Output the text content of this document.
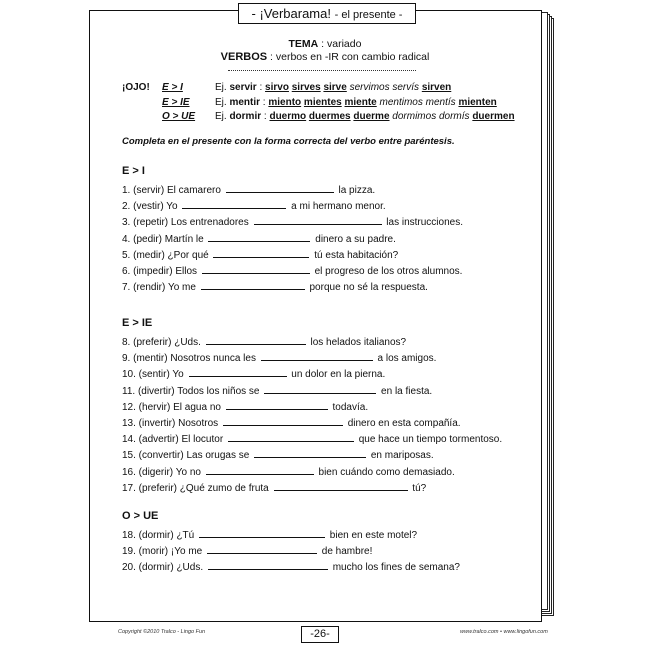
- ¡Verbarama! - el presente -
TEMA : variado
VERBOS : verbos en -IR con cambio radical
¡OJO! E > I	Ej. servir : sirvo sirves sirve servimos servís sirven
E > IE	Ej. mentir : miento mientes miente mentimos mentís mienten
O > UE Ej. dormir : duermo duermes duerme dormimos dormís duermen
Completa en el presente con la forma correcta del verbo entre paréntesis.
E > I
1. (servir) El camarero	la pizza.
2. (vestir) Yo	a mi hermano menor.
3. (repetir) Los entrenadores	las instrucciones.
4. (pedir) Martín le	dinero a su padre.
5. (medir) ¿Por qué	tú esta habitación?
6. (impedir) Ellos	el progreso de los otros alumnos.
7. (rendir) Yo me	porque no sé la respuesta.
E > IE
8. (preferir) ¿Uds.	los helados italianos?
9. (mentir) Nosotros nunca les	a los amigos.
10. (sentir) Yo	un dolor en la pierna.
11. (divertir) Todos los niños se	en la fiesta.
12. (hervir) El agua no	todavía.
13. (invertir) Nosotros	dinero en esta compañía.
14. (advertir) El locutor	que hace un tiempo tormentoso.
15. (convertir) Las orugas se	en mariposas.
16. (digerir) Yo no	bien cuándo como demasiado.
17. (preferir) ¿Qué zumo de fruta	tú?
O > UE
18. (dormir) ¿Tú	bien en este motel?
19. (morir) ¡Yo me	de hambre!
20. (dormir) ¿Uds.	mucho los fines de semana?
Copyright ©2010 Tralco - Lingo Fun	www.tralco.com • www.lingofun.com
-26-
